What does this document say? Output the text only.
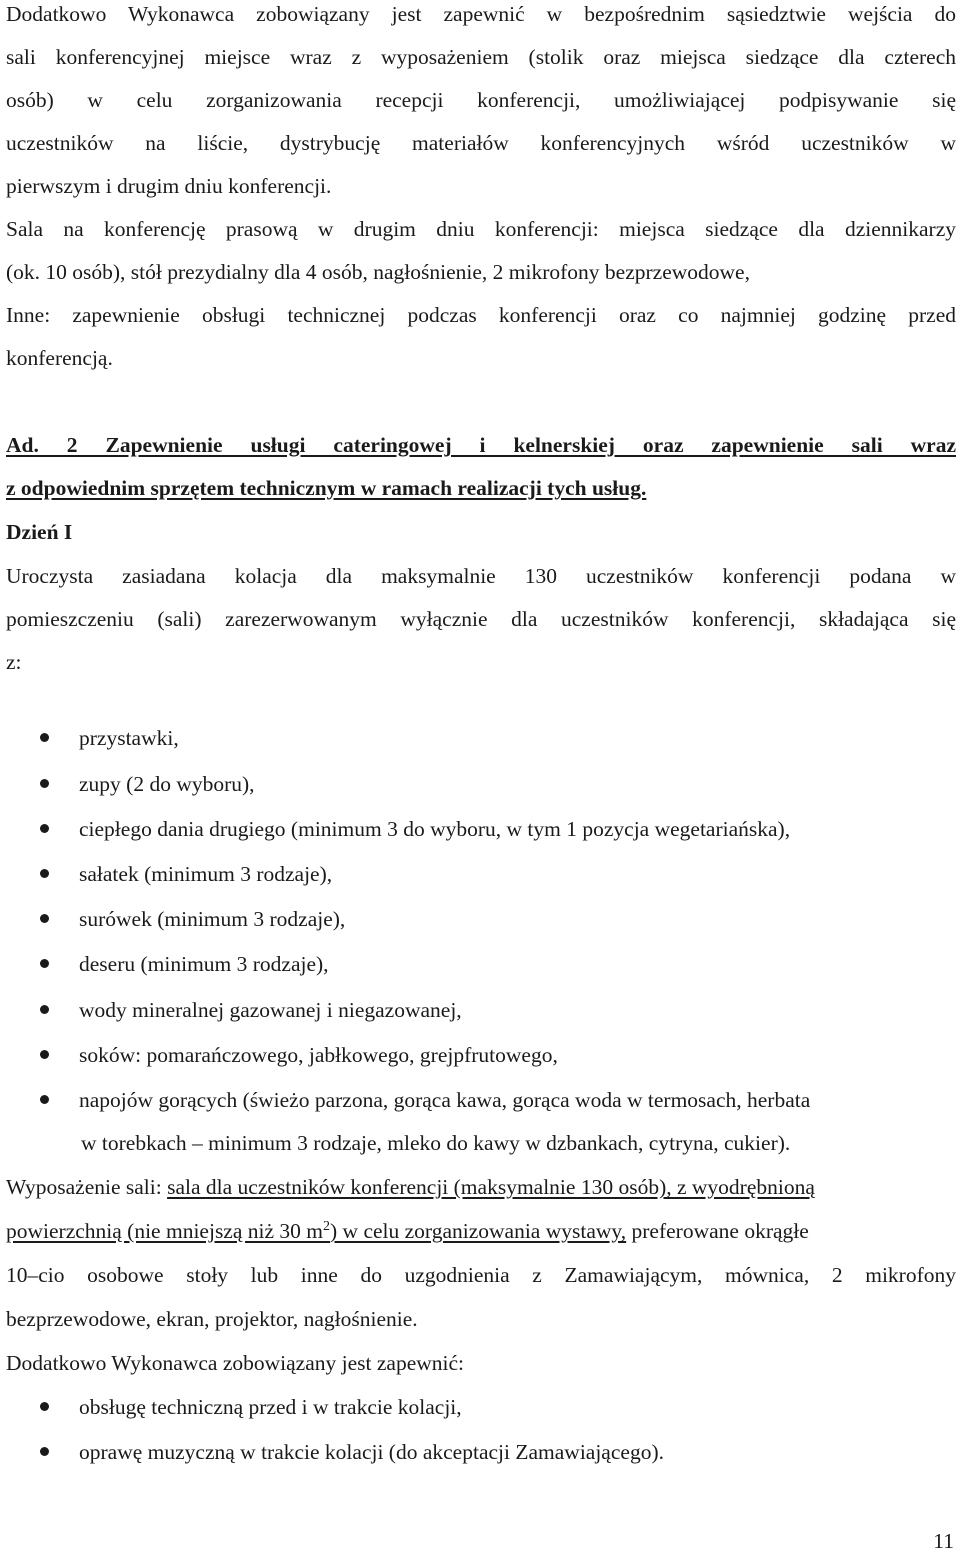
Dodatkowo Wykonawca zobowiązany jest zapewnić w bezpośrednim sąsiedztwie wejścia do
sali konferencyjnej miejsce wraz z wyposażeniem (stolik oraz miejsca siedzące dla czterech
osób) w celu zorganizowania recepcji konferencji, umożliwiającej podpisywanie się
uczestników na liście, dystrybucję materiałów konferencyjnych wśród uczestników w
pierwszym i drugim dniu konferencji.
Sala na konferencję prasową w drugim dniu konferencji: miejsca siedzące dla dziennikarzy
(ok. 10 osób), stół prezydialny dla 4 osób, nagłośnienie, 2 mikrofony bezprzewodowe,
Inne: zapewnienie obsługi technicznej podczas konferencji oraz co najmniej godzinę przed
konferencją.
Ad. 2 Zapewnienie usługi cateringowej i kelnerskiej oraz zapewnienie sali wraz
z odpowiednim sprzętem technicznym w ramach realizacji tych usług.
Dzień I
Uroczysta zasiadana kolacja dla maksymalnie 130 uczestników konferencji podana w
pomieszczeniu (sali) zarezerwowanym wyłącznie dla uczestników konferencji, składająca się
z:
przystawki,
zupy (2 do wyboru),
ciepłego dania drugiego (minimum 3 do wyboru, w tym 1 pozycja wegetariańska),
sałatek (minimum 3 rodzaje),
surówek (minimum 3 rodzaje),
deseru (minimum 3 rodzaje),
wody mineralnej gazowanej i niegazowanej,
soków: pomarańczowego, jabłkowego, grejpfrutowego,
napojów gorących (świeżo parzona, gorąca kawa, gorąca woda w termosach, herbata
w torebkach – minimum 3 rodzaje, mleko do kawy w dzbankach, cytryna, cukier).
Wyposażenie sali: sala dla uczestników konferencji (maksymalnie 130 osób), z wyodrębnioną
powierzchnią (nie mniejszą niż 30 $m^2$) w celu zorganizowania wystawy, preferowane okrągłe
10–cio osobowe stoły lub inne do uzgodnienia z Zamawiającym, mównica, 2 mikrofony
bezprzewodowe, ekran, projektor, nagłośnienie.
Dodatkowo Wykonawca zobowiązany jest zapewnić:
obsługę techniczną przed i w trakcie kolacji,
oprawę muzyczną w trakcie kolacji (do akceptacji Zamawiającego).
11
